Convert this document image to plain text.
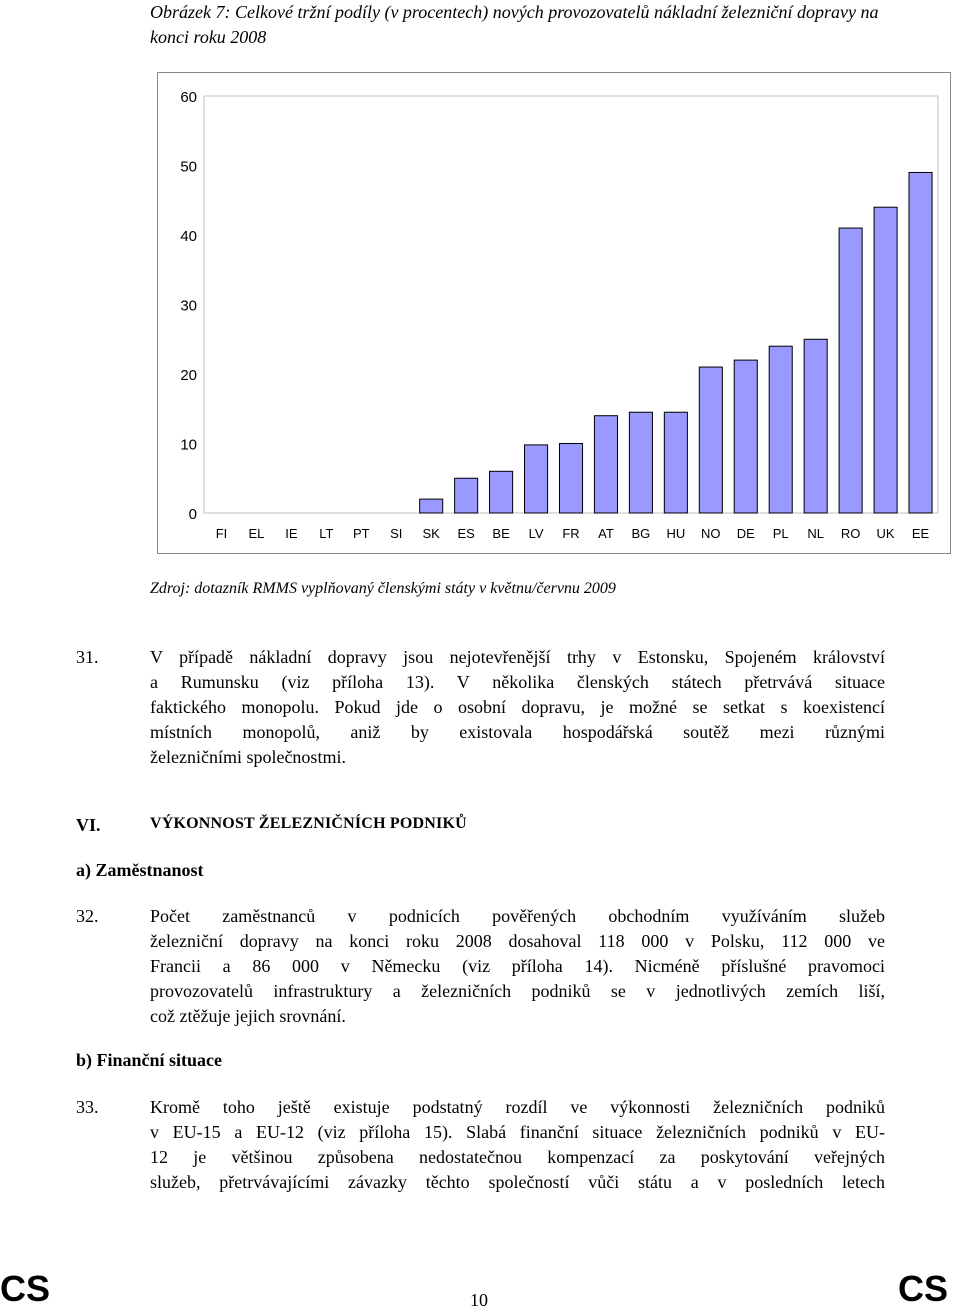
Obrázek 7: Celkové tržní podíly (v procentech) nových provozovatelů nákladní železniční dopravy na konci roku 2008
0
10
20
30
40
50
60
FI EL IE LT PT SI SK ES BE LV FR AT BG HU NO DE PL NL RO UK EE
Zdroj: dotazník RMMS vyplňovaný členskými státy v květnu/červnu 2009
31.	V případě nákladní dopravy jsou nejotevřenější trhy v Estonsku, Spojeném království
a Rumunsku (viz příloha 13). V několika členských státech přetrvává situace
faktického monopolu. Pokud jde o osobní dopravu, je možné se setkat s koexistencí
místních monopolů, aniž by existovala hospodářská soutěž mezi různými
železničními společnostmi.
VI.	VÝKONNOST ŽELEZNIČNÍCH PODNIKŮ
a) Zaměstnanost
32.	Počet zaměstnanců v podnicích pověřených obchodním využíváním služeb
železniční dopravy na konci roku 2008 dosahoval 118 000 v Polsku, 112 000 ve
Francii a 86 000 v Německu (viz příloha 14). Nicméně příslušné pravomoci
provozovatelů infrastruktury a železničních podniků se v jednotlivých zemích liší,
což ztěžuje jejich srovnání.
b) Finanční situace
33.	Kromě toho ještě existuje podstatný rozdíl ve výkonnosti železničních podniků
v EU-15 a EU-12 (viz příloha 15). Slabá finanční situace železničních podniků v EU-
12 je většinou způsobena nedostatečnou kompenzací za poskytování veřejných
služeb, přetrvávajícími závazky těchto společností vůči státu a v posledních letech
CS	10	CS
